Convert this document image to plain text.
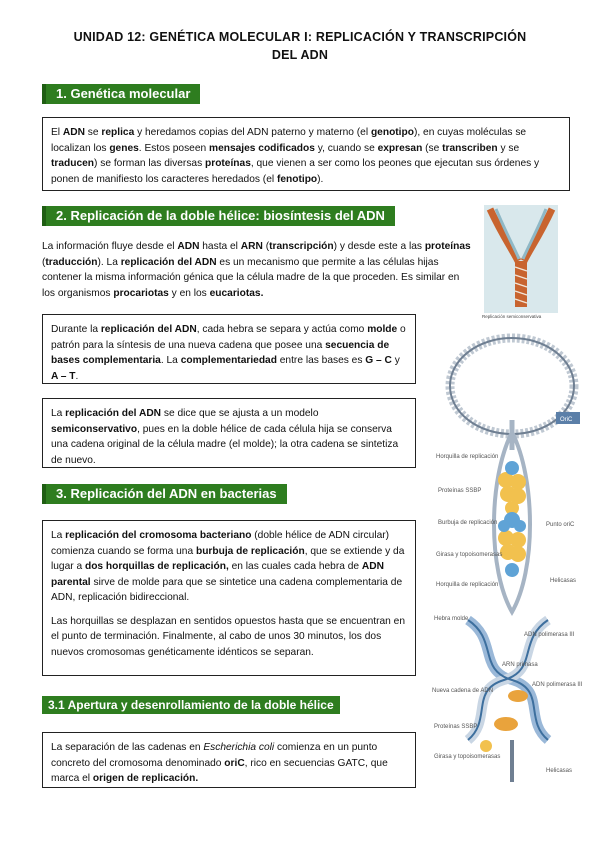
UNIDAD 12: GENÉTICA MOLECULAR I: REPLICACIÓN Y TRANSCRIPCIÓN
DEL ADN
1. Genética molecular
El ADN se replica y heredamos copias del ADN paterno y materno (el genotipo), en cuyas moléculas se localizan los genes. Estos poseen mensajes codificados y, cuando se expresan (se transcriben y se traducen) se forman las diversas proteínas, que vienen a ser como los peones que ejecutan sus órdenes y ponen de manifiesto los caracteres heredados (el fenotipo).
2. Replicación de la doble hélice: biosíntesis del ADN
La información fluye desde el ADN hasta el ARN (transcripción) y desde este a las proteínas (traducción). La replicación del ADN es un mecanismo que permite a las células hijas contener la misma información génica que la célula madre de la que proceden. Es similar en los organismos procariotas y en los eucariotas.
Durante la replicación del ADN, cada hebra se separa y actúa como molde o patrón para la síntesis de una nueva cadena que posee una secuencia de bases complementaria. La complementariedad entre las bases es G – C y A – T.
La replicación del ADN se dice que se ajusta a un modelo semiconservativo, pues en la doble hélice de cada célula hija se conserva una cadena original de la célula madre (el molde); la otra cadena se sintetiza de nuevo.
Replicación semiconservativa
3. Replicación del ADN en bacterias
La replicación del cromosoma bacteriano (doble hélice de ADN circular) comienza cuando se forma una burbuja de replicación, que se extiende y da lugar a dos horquillas de replicación, en las cuales cada hebra de ADN parental sirve de molde para que se sintetice una cadena complementaria de ADN, replicación bidireccional.
Las horquillas se desplazan en sentidos opuestos hasta que se encuentran en el punto de terminación. Finalmente, al cabo de unos 30 minutos, los dos nuevos cromosomas genéticamente idénticos se separan.
3.1 Apertura y desenrollamiento de la doble hélice
La separación de las cadenas en Escherichia coli comienza en un punto concreto del cromosoma denominado oriC, rico en secuencias GATC, que marca el origen de replicación.
OriC
Horquilla de replicación
Proteínas SSBP
Burbuja de replicación
Girasa y topoisomerasas
Horquilla de replicación
Punto oriC
Helicasas
Hebra molde
ADN polimerasa III
ARN primasa
Nueva cadena de ADN
ADN polimerasa III
Proteínas SSBP
Girasa y topoisomerasas
Helicasas
